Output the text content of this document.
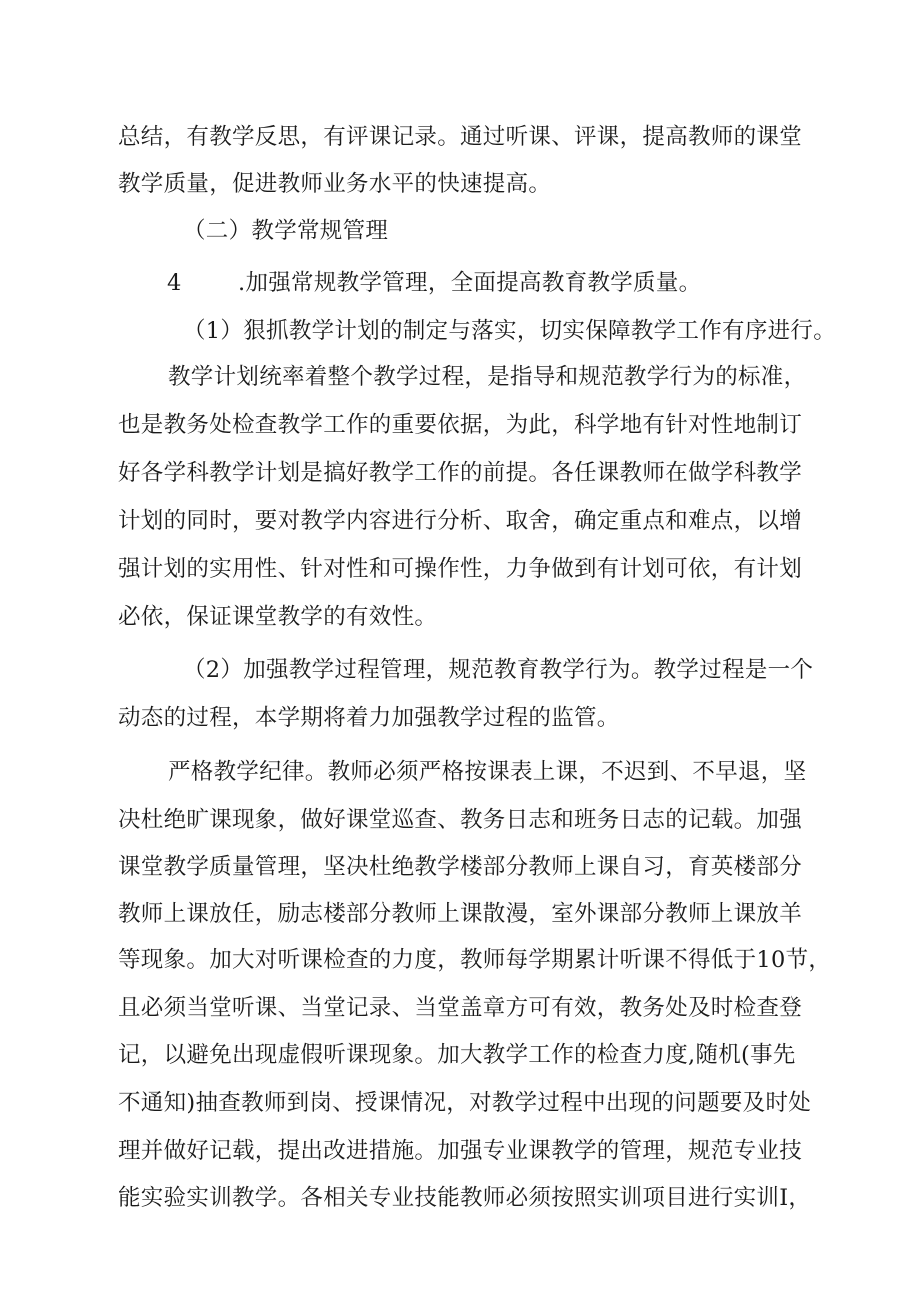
总结，有教学反思，有评课记录。通过听课、评课，提高教师的课堂
教学质量，促进教师业务水平的快速提高。
（二）教学常规管理
4	.加强常规教学管理，全面提高教育教学质量。
（1）狠抓教学计划的制定与落实，切实保障教学工作有序进行。
教学计划统率着整个教学过程，是指导和规范教学行为的标准，
也是教务处检查教学工作的重要依据，为此，科学地有针对性地制订
好各学科教学计划是搞好教学工作的前提。各任课教师在做学科教学
计划的同时，要对教学内容进行分析、取舍，确定重点和难点，以增
强计划的实用性、针对性和可操作性，力争做到有计划可依，有计划
必依，保证课堂教学的有效性。
（2）加强教学过程管理，规范教育教学行为。教学过程是一个
动态的过程，本学期将着力加强教学过程的监管。
严格教学纪律。教师必须严格按课表上课，不迟到、不早退，坚
决杜绝旷课现象，做好课堂巡查、教务日志和班务日志的记载。加强
课堂教学质量管理，坚决杜绝教学楼部分教师上课自习，育英楼部分
教师上课放任，励志楼部分教师上课散漫，室外课部分教师上课放羊
等现象。加大对听课检查的力度，教师每学期累计听课不得低于10节，
且必须当堂听课、当堂记录、当堂盖章方可有效，教务处及时检查登
记，以避免出现虚假听课现象。加大教学工作的检查力度,随机(事先
不通知)抽查教师到岗、授课情况，对教学过程中出现的问题要及时处
理并做好记载，提出改进措施。加强专业课教学的管理，规范专业技
能实验实训教学。各相关专业技能教师必须按照实训项目进行实训I，
